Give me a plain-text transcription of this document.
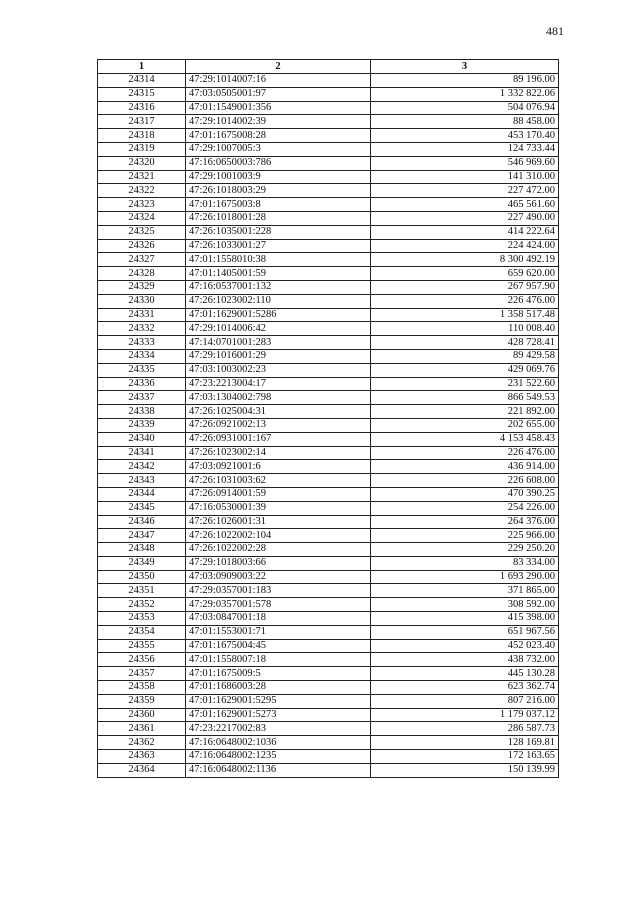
481
1	2	3
24314	47:29:1014007:16	89 196.00
24315	47:03:0505001:97	1 332 822.06
24316	47:01:1549001:356	504 076.94
24317	47:29:1014002:39	88 458.00
24318	47:01:1675008:28	453 170.40
24319	47:29:1007005:3	124 733.44
24320	47:16:0650003:786	546 969.60
24321	47:29:1001003:9	141 310.00
24322	47:26:1018003:29	227 472.00
24323	47:01:1675003:8	465 561.60
24324	47:26:1018001:28	227 490.00
24325	47:26:1035001:228	414 222.64
24326	47:26:1033001:27	224 424.00
24327	47:01:1558010:38	8 300 492.19
24328	47:01:1405001:59	659 620.00
24329	47:16:0537001:132	267 957.90
24330	47:26:1023002:110	226 476.00
24331	47:01:1629001:5286	1 358 517.48
24332	47:29:1014006:42	110 008.40
24333	47:14:0701001:283	428 728.41
24334	47:29:1016001:29	89 429.58
24335	47:03:1003002:23	429 069.76
24336	47:23:2213004:17	231 522.60
24337	47:03:1304002:798	866 549.53
24338	47:26:1025004:31	221 892.00
24339	47:26:0921002:13	202 655.00
24340	47:26:0931001:167	4 153 458.43
24341	47:26:1023002:14	226 476.00
24342	47:03:0921001:6	436 914.00
24343	47:26:1031003:62	226 608.00
24344	47:26:0914001:59	470 390.25
24345	47:16:0530001:39	254 226.00
24346	47:26:1026001:31	264 376.00
24347	47:26:1022002:104	225 966.00
24348	47:26:1022002:28	229 250.20
24349	47:29:1018003:66	83 334.00
24350	47:03:0909003:22	1 693 290.00
24351	47:29:0357001:183	371 865.00
24352	47:29:0357001:578	308 592.00
24353	47:03:0847001:18	415 398.00
24354	47:01:1553001:71	651 967.56
24355	47:01:1675004:45	452 023.40
24356	47:01:1558007:18	438 732.00
24357	47:01:1675009:5	445 130.28
24358	47:01:1686003:28	623 362.74
24359	47:01:1629001:5295	807 216.00
24360	47:01:1629001:5273	1 179 037.12
24361	47:23:2217002:83	286 587.73
24362	47:16:0648002:1036	128 169.81
24363	47:16:0648002:1235	172 163.65
24364	47:16:0648002:1136	150 139.99
